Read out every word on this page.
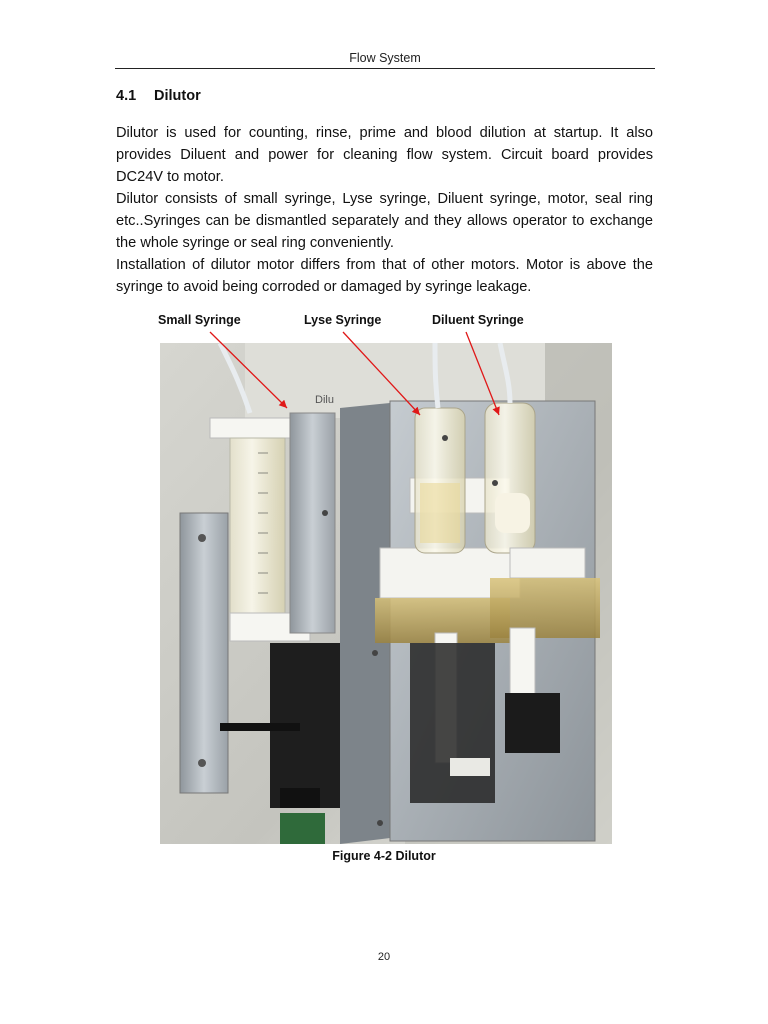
Flow System
4.1 Dilutor

Dilutor is used for counting, rinse, prime and blood dilution at startup. It also provides Diluent and power for cleaning flow system. Circuit board provides DC24V to motor.

Dilutor consists of small syringe, Lyse syringe, Diluent syringe, motor, seal ring etc..Syringes can be dismantled separately and they allows operator to exchange the whole syringe or seal ring conveniently.

Installation of dilutor motor differs from that of other motors. Motor is above the syringe to avoid being corroded or damaged by syringe leakage.

Small Syringe	Lyse Syringe	Diluent Syringe
Dilu
Figure 4-2 Dilutor
20
